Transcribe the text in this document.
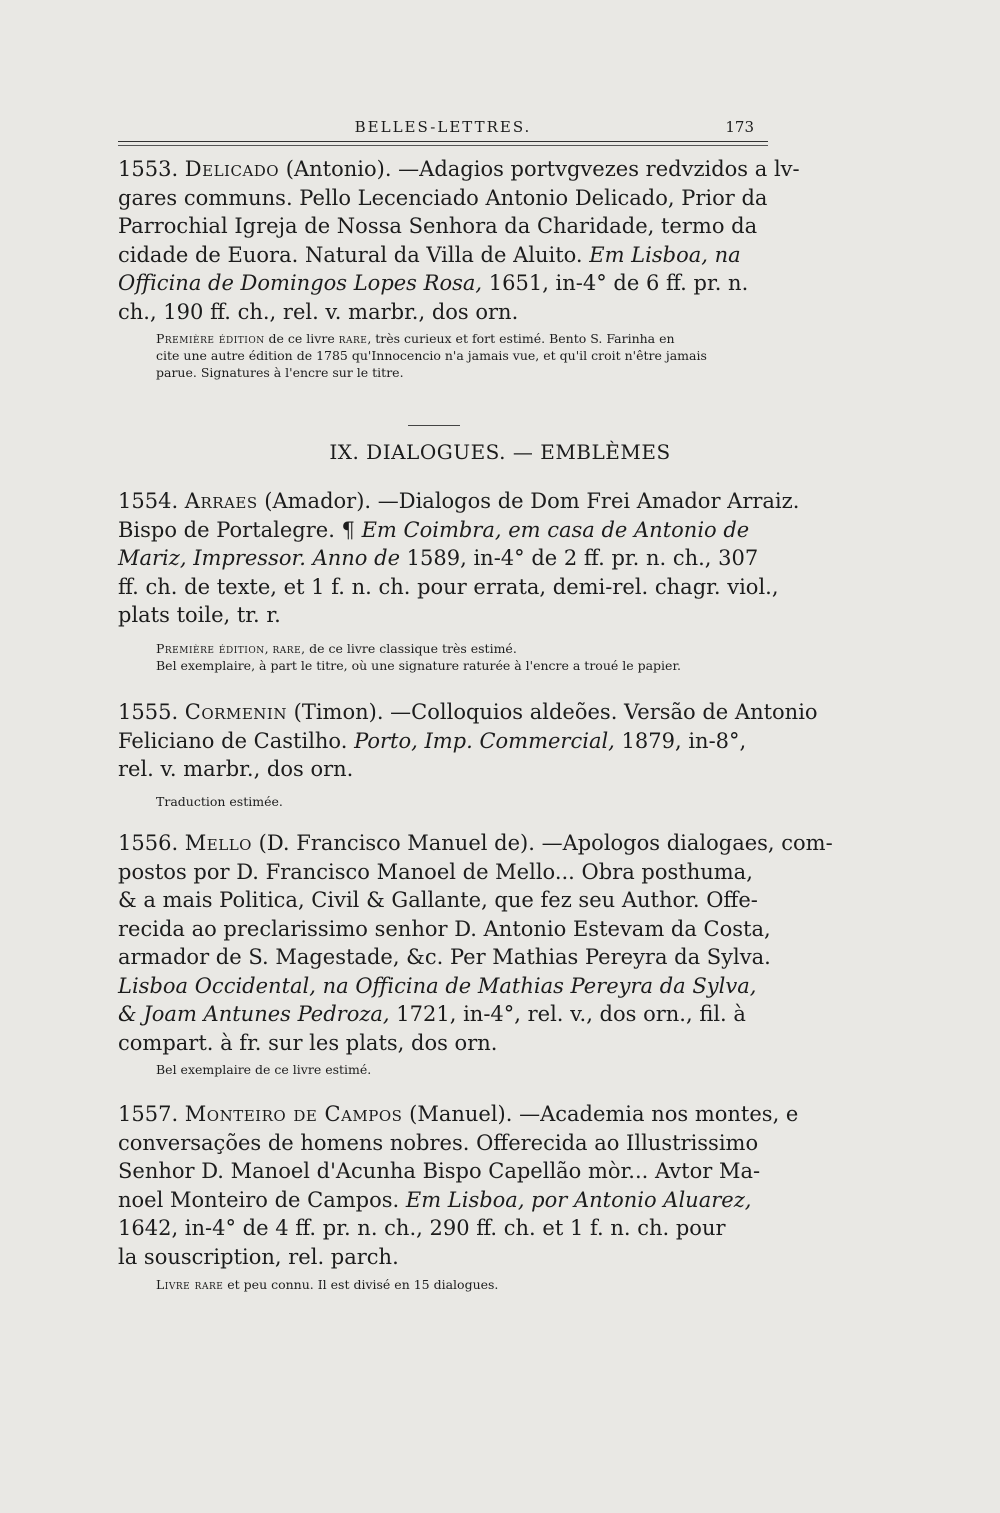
BELLES-LETTRES.	173
1553. Delicado (Antonio). —Adagios portvgvezes redvzidos a lv-
gares communs. Pello Lecenciado Antonio Delicado, Prior da
Parrochial Igreja de Nossa Senhora da Charidade, termo da
cidade de Euora. Natural da Villa de Aluito. Em Lisboa, na
Officina de Domingos Lopes Rosa, 1651, in-4° de 6 ff. pr. n.
ch., 190 ff. ch., rel. v. marbr., dos orn.
Première édition de ce livre rare, très curieux et fort estimé. Bento S. Farinha en
cite une autre édition de 1785 qu'Innocencio n'a jamais vue, et qu'il croit n'être jamais
parue. Signatures à l'encre sur le titre.
IX. DIALOGUES. — EMBLÈMES
1554. Arraes (Amador). —Dialogos de Dom Frei Amador Arraiz.
Bispo de Portalegre. ¶ Em Coimbra, em casa de Antonio de
Mariz, Impressor. Anno de 1589, in-4° de 2 ff. pr. n. ch., 307
ff. ch. de texte, et 1 f. n. ch. pour errata, demi-rel. chagr. viol.,
plats toile, tr. r.
Première édition, rare, de ce livre classique très estimé.
Bel exemplaire, à part le titre, où une signature raturée à l'encre a troué le papier.
1555. Cormenin (Timon). —Colloquios aldeões. Versão de Antonio
Feliciano de Castilho. Porto, Imp. Commercial, 1879, in-8°,
rel. v. marbr., dos orn.
Traduction estimée.
1556. Mello (D. Francisco Manuel de). —Apologos dialogaes, com-
postos por D. Francisco Manoel de Mello... Obra posthuma,
& a mais Politica, Civil & Gallante, que fez seu Author. Offe-
recida ao preclarissimo senhor D. Antonio Estevam da Costa,
armador de S. Magestade, &c. Per Mathias Pereyra da Sylva.
Lisboa Occidental, na Officina de Mathias Pereyra da Sylva,
& Joam Antunes Pedroza, 1721, in-4°, rel. v., dos orn., fil. à
compart. à fr. sur les plats, dos orn.
Bel exemplaire de ce livre estimé.
1557. Monteiro de Campos (Manuel). —Academia nos montes, e
conversações de homens nobres. Offerecida ao Illustrissimo
Senhor D. Manoel d'Acunha Bispo Capellão mòr... Avtor Ma-
noel Monteiro de Campos. Em Lisboa, por Antonio Aluarez,
1642, in-4° de 4 ff. pr. n. ch., 290 ff. ch. et 1 f. n. ch. pour
la souscription, rel. parch.
Livre rare et peu connu. Il est divisé en 15 dialogues.
